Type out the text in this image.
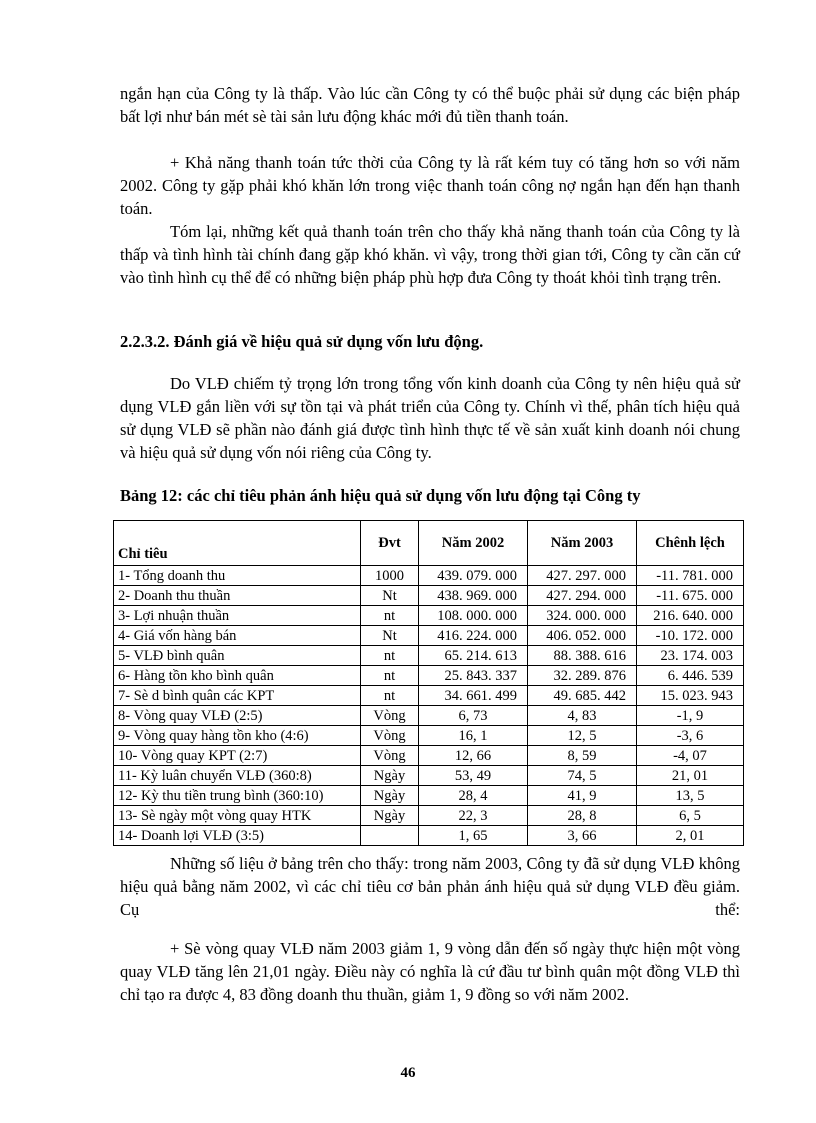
ngắn hạn của Công ty là thấp. Vào lúc cần Công ty có thể buộc phải sử dụng các biện pháp bất lợi như bán mét sè tài sản lưu động khác mới đủ tiền thanh toán.

+ Khả năng thanh toán tức thời của Công ty là rất kém tuy có tăng hơn so với năm 2002. Công ty gặp phải khó khăn lớn trong việc thanh toán công nợ ngắn hạn đến hạn thanh toán.

Tóm lại, những kết quả thanh toán trên cho thấy khả năng thanh toán của Công ty là thấp và tình hình tài chính đang gặp khó khăn. vì vậy, trong thời gian tới, Công ty cần căn cứ vào tình hình cụ thể để có những biện pháp phù hợp đưa Công ty thoát khỏi tình trạng trên.

2.2.3.2. Đánh giá về hiệu quả sử dụng vốn lưu động.

Do VLĐ chiếm tỷ trọng lớn trong tổng vốn kinh doanh của Công ty nên hiệu quả sử dụng VLĐ gắn liền với sự tồn tại và phát triển của Công ty. Chính vì thế, phân tích hiệu quả sử dụng VLĐ sẽ phần nào đánh giá được tình hình thực tế về sản xuất kinh doanh nói chung và hiệu quả sử dụng vốn nói riêng của Công ty.

Bảng 12: các chỉ tiêu phản ánh hiệu quả sử dụng vốn lưu động tại Công ty

Chỉ tiêu	Đvt	Năm 2002	Năm 2003	Chênh lệch
1- Tổng doanh thu	1000	439. 079. 000	427. 297. 000	-11. 781. 000
2- Doanh thu thuần	Nt	438. 969. 000	427. 294. 000	-11. 675. 000
3- Lợi nhuận thuần	nt	108. 000. 000	324. 000. 000	216. 640. 000
4- Giá vốn hàng bán	Nt	416. 224. 000	406. 052. 000	-10. 172. 000
5- VLĐ bình quân	nt	65. 214. 613	88. 388. 616	23. 174. 003
6- Hàng tồn kho bình quân	nt	25. 843. 337	32. 289. 876	6. 446. 539
7- Sè d bình quân các KPT	nt	34. 661. 499	49. 685. 442	15. 023. 943
8- Vòng quay VLĐ (2:5)	Vòng	6, 73	4, 83	-1, 9
9- Vòng quay hàng tồn kho (4:6)	Vòng	16, 1	12, 5	-3, 6
10- Vòng quay KPT (2:7)	Vòng	12, 66	8, 59	-4, 07
11- Kỳ luân chuyển VLĐ (360:8)	Ngày	53, 49	74, 5	21, 01
12- Kỳ thu tiền trung bình (360:10)	Ngày	28, 4	41, 9	13, 5
13- Sè ngày một vòng quay HTK	Ngày	22, 3	28, 8	6, 5
14- Doanh lợi VLĐ (3:5)		1, 65	3, 66	2, 01

Những số liệu ở bảng trên cho thấy: trong năm 2003, Công ty đã sử dụng VLĐ không hiệu quả bằng năm 2002, vì các chỉ tiêu cơ bản phản ánh hiệu quả sử dụng VLĐ đều giảm. Cụ thể:

+ Sè vòng quay VLĐ năm 2003 giảm 1, 9 vòng dẫn đến số ngày thực hiện một vòng quay VLĐ tăng lên 21,01 ngày. Điều này có nghĩa là cứ đầu tư bình quân một đồng VLĐ thì chỉ tạo ra được 4, 83 đồng doanh thu thuần, giảm 1, 9 đồng so với năm 2002.

46
